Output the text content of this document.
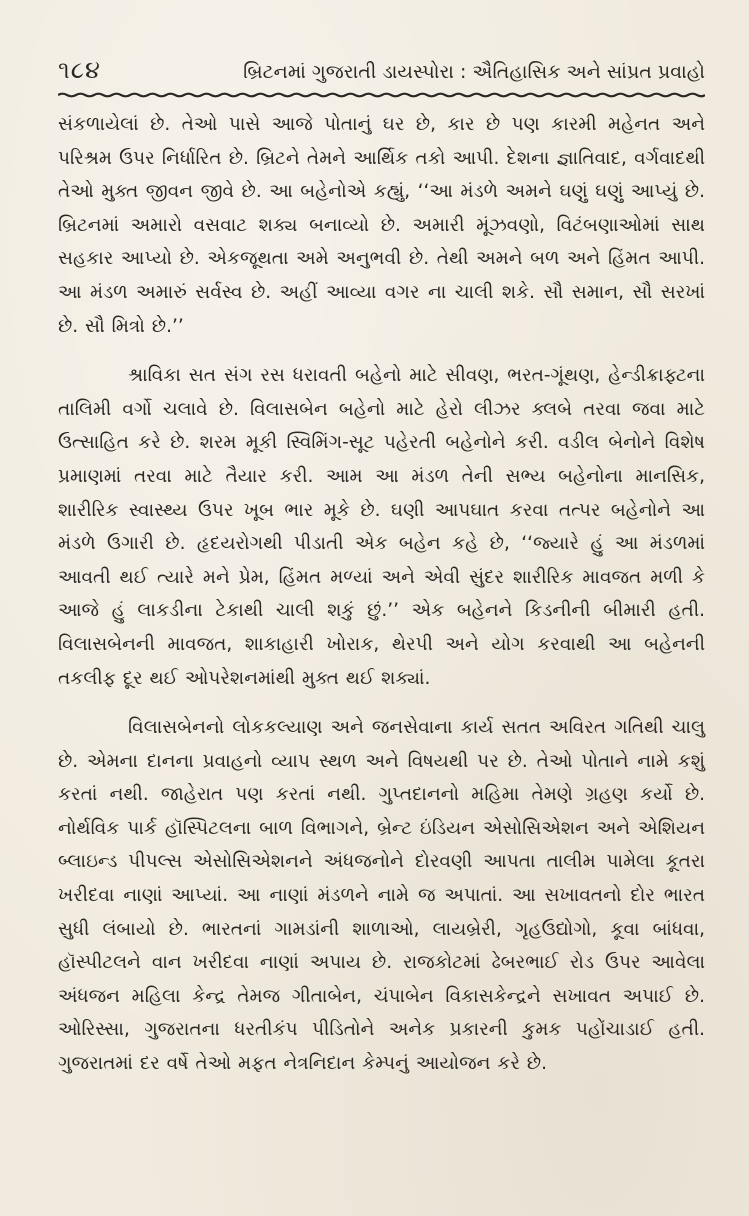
૧૮૪	બ્રિટનમાં ગુજરાતી ડાયસ્પોરા : ઐતિહાસિક અને સાંપ્રત પ્રવાહો

સંકળાયેલાં છે. તેઓ પાસે આજે પોતાનું ઘર છે, કાર છે પણ કારમી મહેનત અને પરિશ્રમ ઉપર નિર્ધારિત છે. બ્રિટને તેમને આર્થિક તકો આપી. દેશના જ્ઞાતિવાદ, વર્ગવાદથી તેઓ મુક્ત જીવન જીવે છે. આ બહેનોએ કહ્યું, ‘‘આ મંડળે અમને ઘણું ઘણું આપ્યું છે. બ્રિટનમાં અમારો વસવાટ શક્ય બનાવ્યો છે. અમારી મૂંઝવણો, વિટંબણાઓમાં સાથ સહકાર આપ્યો છે. એકજૂથતા અમે અનુભવી છે. તેથી અમને બળ અને હિંમત આપી. આ મંડળ અમારું સર્વસ્વ છે. અહીં આવ્યા વગર ના ચાલી શકે. સૌ સમાન, સૌ સરખાં છે. સૌ મિત્રો છે.’’

શ્રાવિકા સત સંગ રસ ધરાવતી બહેનો માટે સીવણ, ભરત-ગૂંથણ, હેન્ડીક્રાફ્ટના તાલિમી વર્ગો ચલાવે છે. વિલાસબેન બહેનો માટે હેરો લીઝર ક્લબે તરવા જવા માટે ઉત્સાહિત કરે છે. શરમ મૂકી સ્વિમિંગ-સૂટ પહેરતી બહેનોને કરી. વડીલ બેનોને વિશેષ પ્રમાણમાં તરવા માટે તૈયાર કરી. આમ આ મંડળ તેની સભ્ય બહેનોના માનસિક, શારીરિક સ્વાસ્થ્ય ઉપર ખૂબ ભાર મૂકે છે. ઘણી આપઘાત કરવા તત્પર બહેનોને આ મંડળે ઉગારી છે. હૃદયરોગથી પીડાતી એક બહેન કહે છે, ‘‘જ્યારે હું આ મંડળમાં આવતી થઈ ત્યારે મને પ્રેમ, હિંમત મળ્યાં અને એવી સુંદર શારીરિક માવજત મળી કે આજે હું લાકડીના ટેકાથી ચાલી શકું છું.’’ એક બહેનને કિડનીની બીમારી હતી. વિલાસબેનની માવજત, શાકાહારી ખોરાક, થેરપી અને યોગ કરવાથી આ બહેનની તકલીફ દૂર થઈ ઓપરેશનમાંથી મુક્ત થઈ શક્યાં.

વિલાસબેનનો લોકકલ્યાણ અને જનસેવાના કાર્ય સતત અવિરત ગતિથી ચાલુ છે. એમના દાનના પ્રવાહનો વ્યાપ સ્થળ અને વિષયથી પર છે. તેઓ પોતાને નામે કશું કરતાં નથી. જાહેરાત પણ કરતાં નથી. ગુપ્તદાનનો મહિમા તેમણે ગ્રહણ કર્યો છે. નોર્થવિક પાર્ક હૉસ્પિટલના બાળ વિભાગને, બ્રેન્ટ ઇંડિયન એસોસિએશન અને એશિયન બ્લાઇન્ડ પીપલ્સ એસોસિએશનને અંધજનોને દોરવણી આપતા તાલીમ પામેલા કૂતરા ખરીદવા નાણાં આપ્યાં. આ નાણાં મંડળને નામે જ અપાતાં. આ સખાવતનો દોર ભારત સુધી લંબાયો છે. ભારતનાં ગામડાંની શાળાઓ, લાયબ્રેરી, ગૃહઉદ્યોગો, કૂવા બાંધવા, હૉસ્પીટલને વાન ખરીદવા નાણાં અપાય છે. રાજકોટમાં ઢેબરભાઈ રોડ ઉપર આવેલા અંધજન મહિલા કેન્દ્ર તેમજ ગીતાબેન, ચંપાબેન વિકાસકેન્દ્રને સખાવત અપાઈ છે. ઓરિસ્સા, ગુજરાતના ધરતીકંપ પીડિતોને અનેક પ્રકારની કુમક પહોંચાડાઈ હતી. ગુજરાતમાં દર વર્ષે તેઓ મફત નેત્રનિદાન કેમ્પનું આયોજન કરે છે.
